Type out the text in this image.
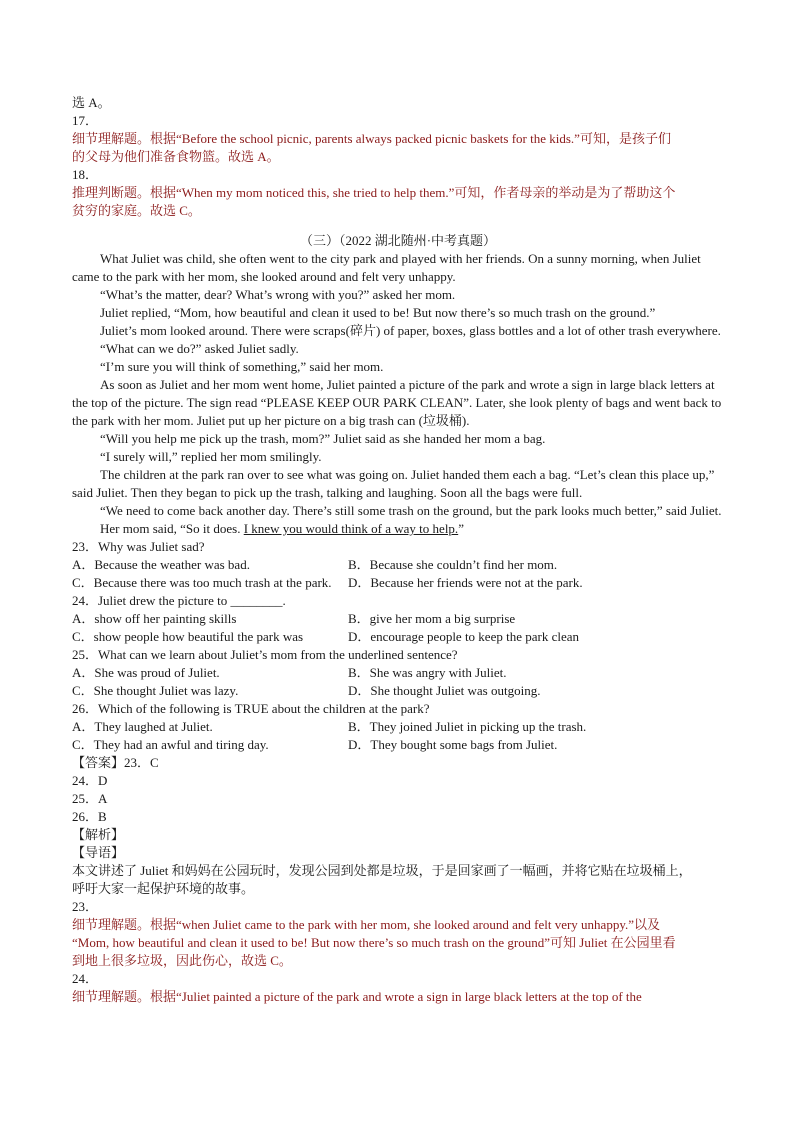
选 A。
17．
细节理解题。根据“Before the school picnic, parents always packed picnic baskets for the kids.”可知，是孩子们
的父母为他们准备食物篮。故选 A。
18．
推理判断题。根据“When my mom noticed this, she tried to help them.”可知，作者母亲的举动是为了帮助这个
贫穷的家庭。故选 C。
（三）（2022 湖北随州·中考真题）
What Juliet was child, she often went to the city park and played with her friends. On a sunny morning, when Juliet came to the park with her mom, she looked around and felt very unhappy.
“What’s the matter, dear? What’s wrong with you?” asked her mom.
Juliet replied, “Mom, how beautiful and clean it used to be! But now there’s so much trash on the ground.”
Juliet’s mom looked around. There were scraps(碎片) of paper, boxes, glass bottles and a lot of other trash everywhere.
“What can we do?” asked Juliet sadly.
“I’m sure you will think of something,” said her mom.
As soon as Juliet and her mom went home, Juliet painted a picture of the park and wrote a sign in large black letters at the top of the picture. The sign read “PLEASE KEEP OUR PARK CLEAN”. Later, she look plenty of bags and went back to the park with her mom. Juliet put up her picture on a big trash can (垃圾桶).
“Will you help me pick up the trash, mom?” Juliet said as she handed her mom a bag.
“I surely will,” replied her mom smilingly.
The children at the park ran over to see what was going on. Juliet handed them each a bag. “Let’s clean this place up,” said Juliet. Then they began to pick up the trash, talking and laughing. Soon all the bags were full.
“We need to come back another day. There’s still some trash on the ground, but the park looks much better,” said Juliet.
Her mom said, “So it does. I knew you would think of a way to help.”
23．Why was Juliet sad?
A．Because the weather was bad.	B．Because she couldn’t find her mom.
C．Because there was too much trash at the park. D．Because her friends were not at the park.
24．Juliet drew the picture to ________.
A．show off her painting skills	B．give her mom a big surprise
C．show people how beautiful the park was	D．encourage people to keep the park clean
25．What can we learn about Juliet’s mom from the underlined sentence?
A．She was proud of Juliet.	B．She was angry with Juliet.
C．She thought Juliet was lazy.	D．She thought Juliet was outgoing.
26．Which of the following is TRUE about the children at the park?
A．They laughed at Juliet.	B．They joined Juliet in picking up the trash.
C．They had an awful and tiring day.	D．They bought some bags from Juliet.
【答案】23．C
24．D
25．A
26．B
【解析】
【导语】
本文讲述了 Juliet 和妈妈在公园玩时，发现公园到处都是垃圾，于是回家画了一幅画，并将它贴在垃圾桶上，
呼吁大家一起保护环境的故事。
23．
细节理解题。根据“when Juliet came to the park with her mom, she looked around and felt very unhappy.”以及
“Mom, how beautiful and clean it used to be! But now there’s so much trash on the ground”可知 Juliet 在公园里看
到地上很多垃圾，因此伤心，故选 C。
24．
细节理解题。根据“Juliet painted a picture of the park and wrote a sign in large black letters at the top of the
